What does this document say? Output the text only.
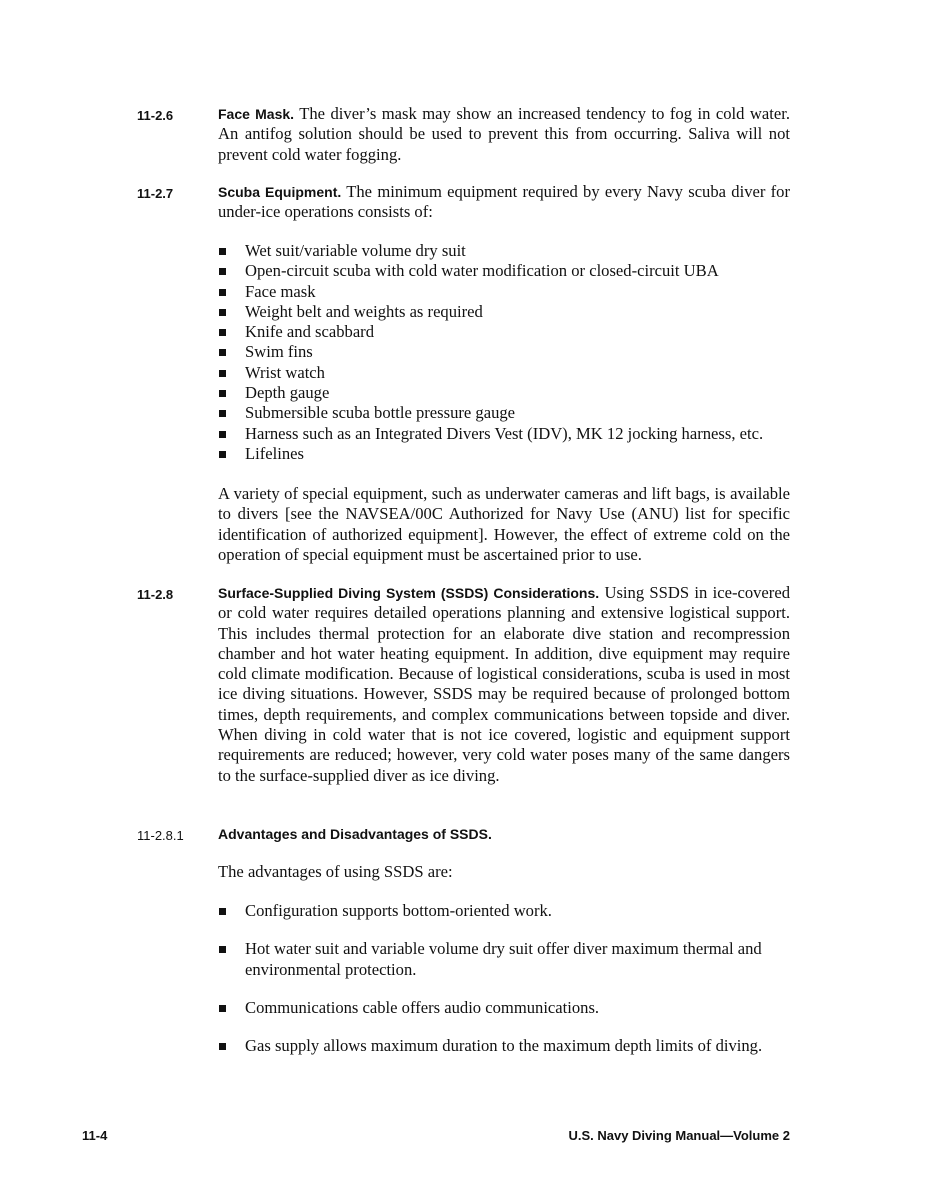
11-2.6	Face Mask. The diver’s mask may show an increased tendency to fog in cold water. An antifog solution should be used to prevent this from occurring. Saliva will not prevent cold water fogging.
11-2.7	Scuba Equipment. The minimum equipment required by every Navy scuba diver for under-ice operations consists of:
Wet suit/variable volume dry suit
Open-circuit scuba with cold water modification or closed-circuit UBA
Face mask
Weight belt and weights as required
Knife and scabbard
Swim fins
Wrist watch
Depth gauge
Submersible scuba bottle pressure gauge
Harness such as an Integrated Divers Vest (IDV), MK 12 jocking harness, etc.
Lifelines
A variety of special equipment, such as underwater cameras and lift bags, is available to divers [see the NAVSEA/00C Authorized for Navy Use (ANU) list for specific identification of authorized equipment]. However, the effect of extreme cold on the operation of special equipment must be ascertained prior to use.
11-2.8	Surface-Supplied Diving System (SSDS) Considerations. Using SSDS in ice-covered or cold water requires detailed operations planning and extensive logistical support. This includes thermal protection for an elaborate dive station and recompression chamber and hot water heating equipment. In addition, dive equipment may require cold climate modification. Because of logistical considerations, scuba is used in most ice diving situations. However, SSDS may be required because of prolonged bottom times, depth requirements, and complex communications between topside and diver. When diving in cold water that is not ice covered, logistic and equipment support requirements are reduced; however, very cold water poses many of the same dangers to the surface-supplied diver as ice diving.
11-2.8.1 Advantages and Disadvantages of SSDS.
The advantages of using SSDS are:
Configuration supports bottom-oriented work.
Hot water suit and variable volume dry suit offer diver maximum thermal and environmental protection.
Communications cable offers audio communications.
Gas supply allows maximum duration to the maximum depth limits of diving.
11-4	U.S. Navy Diving Manual—Volume 2
